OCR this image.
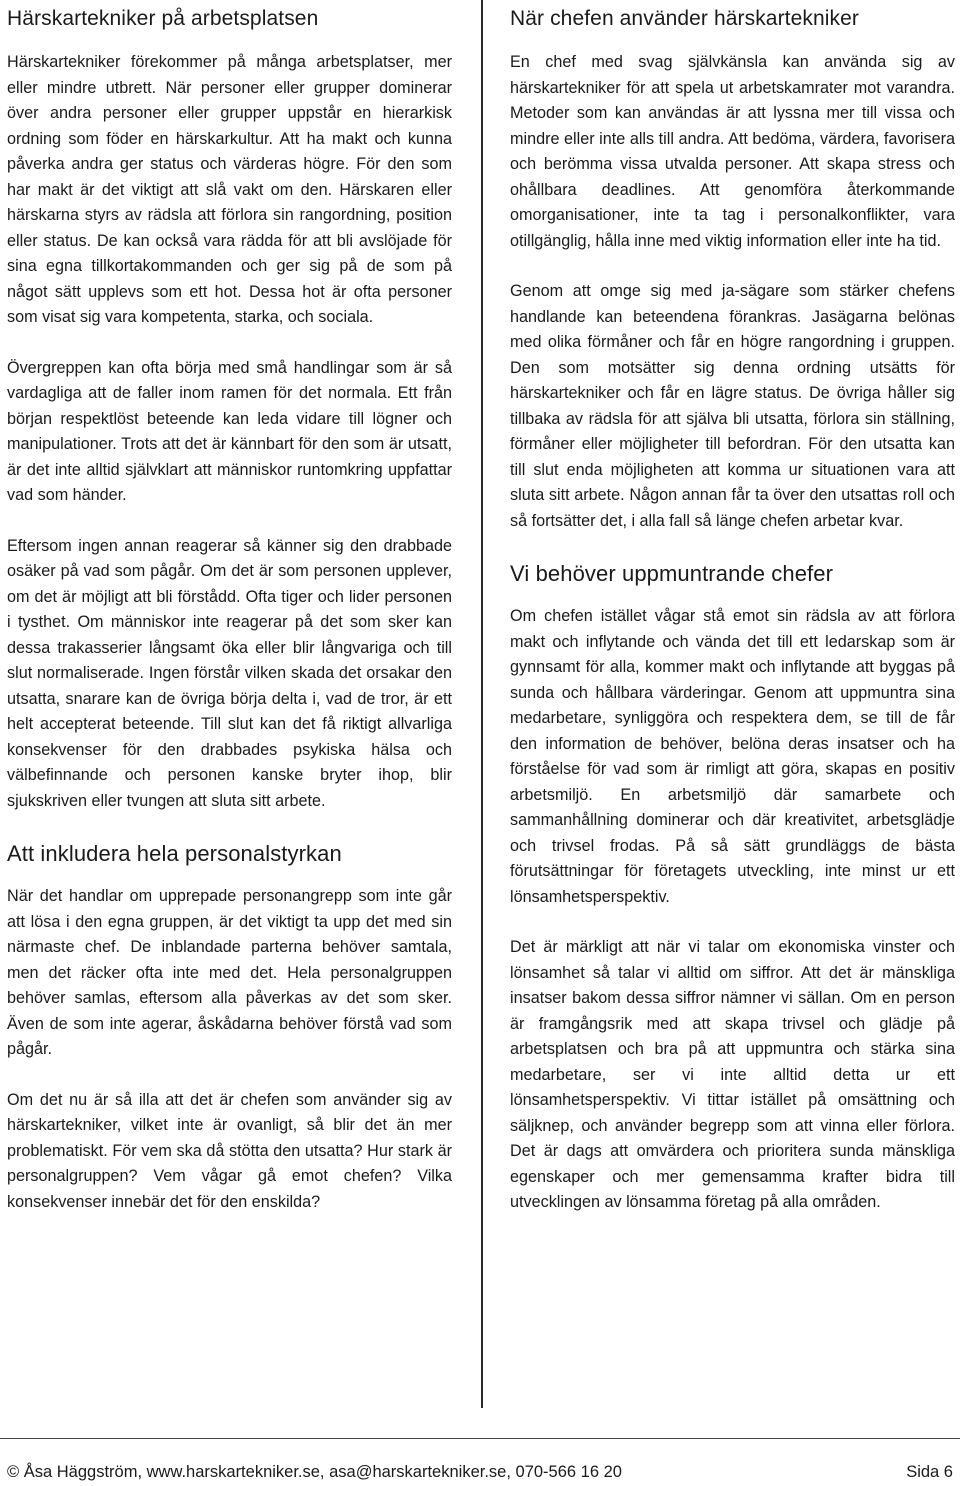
Härskartekniker på arbetsplatsen

Härskartekniker förekommer på många arbetsplatser, mer eller mindre utbrett. När personer eller grupper dominerar över andra personer eller grupper uppstår en hierarkisk ordning som föder en härskarkultur. Att ha makt och kunna påverka andra ger status och värderas högre. För den som har makt är det viktigt att slå vakt om den. Härskaren eller härskarna styrs av rädsla att förlora sin rangordning, position eller status. De kan också vara rädda för att bli avslöjade för sina egna tillkortakommanden och ger sig på de som på något sätt upplevs som ett hot. Dessa hot är ofta personer som visat sig vara kompetenta, starka, och sociala.

Övergreppen kan ofta börja med små handlingar som är så vardagliga att de faller inom ramen för det normala. Ett från början respektlöst beteende kan leda vidare till lögner och manipulationer. Trots att det är kännbart för den som är utsatt, är det inte alltid självklart att människor runtomkring uppfattar vad som händer.

Eftersom ingen annan reagerar så känner sig den drabbade osäker på vad som pågår. Om det är som personen upplever, om det är möjligt att bli förstådd. Ofta tiger och lider personen i tysthet. Om människor inte reagerar på det som sker kan dessa trakasserier långsamt öka eller blir långvariga och till slut normaliserade. Ingen förstår vilken skada det orsakar den utsatta, snarare kan de övriga börja delta i, vad de tror, är ett helt accepterat beteende. Till slut kan det få riktigt allvarliga konsekvenser för den drabbades psykiska hälsa och välbefinnande och personen kanske bryter ihop, blir sjukskriven eller tvungen att sluta sitt arbete.

Att inkludera hela personalstyrkan

När det handlar om upprepade personangrepp som inte går att lösa i den egna gruppen, är det viktigt ta upp det med sin närmaste chef. De inblandade parterna behöver samtala, men det räcker ofta inte med det. Hela personalgruppen behöver samlas, eftersom alla påverkas av det som sker. Även de som inte agerar, åskådarna behöver förstå vad som pågår.

Om det nu är så illa att det är chefen som använder sig av härskartekniker, vilket inte är ovanligt, så blir det än mer problematiskt. För vem ska då stötta den utsatta? Hur stark är personalgruppen? Vem vågar gå emot chefen? Vilka konsekvenser innebär det för den enskilda?

När chefen använder härskartekniker

En chef med svag självkänsla kan använda sig av härskartekniker för att spela ut arbetskamrater mot varandra. Metoder som kan användas är att lyssna mer till vissa och mindre eller inte alls till andra. Att bedöma, värdera, favorisera och berömma vissa utvalda personer. Att skapa stress och ohållbara deadlines. Att genomföra återkommande omorganisationer, inte ta tag i personalkonflikter, vara otillgänglig, hålla inne med viktig information eller inte ha tid.

Genom att omge sig med ja-sägare som stärker chefens handlande kan beteendena förankras. Jasägarna belönas med olika förmåner och får en högre rangordning i gruppen. Den som motsätter sig denna ordning utsätts för härskartekniker och får en lägre status. De övriga håller sig tillbaka av rädsla för att själva bli utsatta, förlora sin ställning, förmåner eller möjligheter till befordran. För den utsatta kan till slut enda möjligheten att komma ur situationen vara att sluta sitt arbete. Någon annan får ta över den utsattas roll och så fortsätter det, i alla fall så länge chefen arbetar kvar.

Vi behöver uppmuntrande chefer

Om chefen istället vågar stå emot sin rädsla av att förlora makt och inflytande och vända det till ett ledarskap som är gynnsamt för alla, kommer makt och inflytande att byggas på sunda och hållbara värderingar. Genom att uppmuntra sina medarbetare, synliggöra och respektera dem, se till de får den information de behöver, belöna deras insatser och ha förståelse för vad som är rimligt att göra, skapas en positiv arbetsmiljö. En arbetsmiljö där samarbete och sammanhållning dominerar och där kreativitet, arbetsglädje och trivsel frodas. På så sätt grundläggs de bästa förutsättningar för företagets utveckling, inte minst ur ett lönsamhetsperspektiv.

Det är märkligt att när vi talar om ekonomiska vinster och lönsamhet så talar vi alltid om siffror. Att det är mänskliga insatser bakom dessa siffror nämner vi sällan. Om en person är framgångsrik med att skapa trivsel och glädje på arbetsplatsen och bra på att uppmuntra och stärka sina medarbetare, ser vi inte alltid detta ur ett lönsamhetsperspektiv. Vi tittar istället på omsättning och säljknep, och använder begrepp som att vinna eller förlora. Det är dags att omvärdera och prioritera sunda mänskliga egenskaper och mer gemensamma krafter bidra till utvecklingen av lönsamma företag på alla områden.

© Åsa Häggström, www.harskartekniker.se, asa@harskartekniker.se, 070-566 16 20	Sida 6
